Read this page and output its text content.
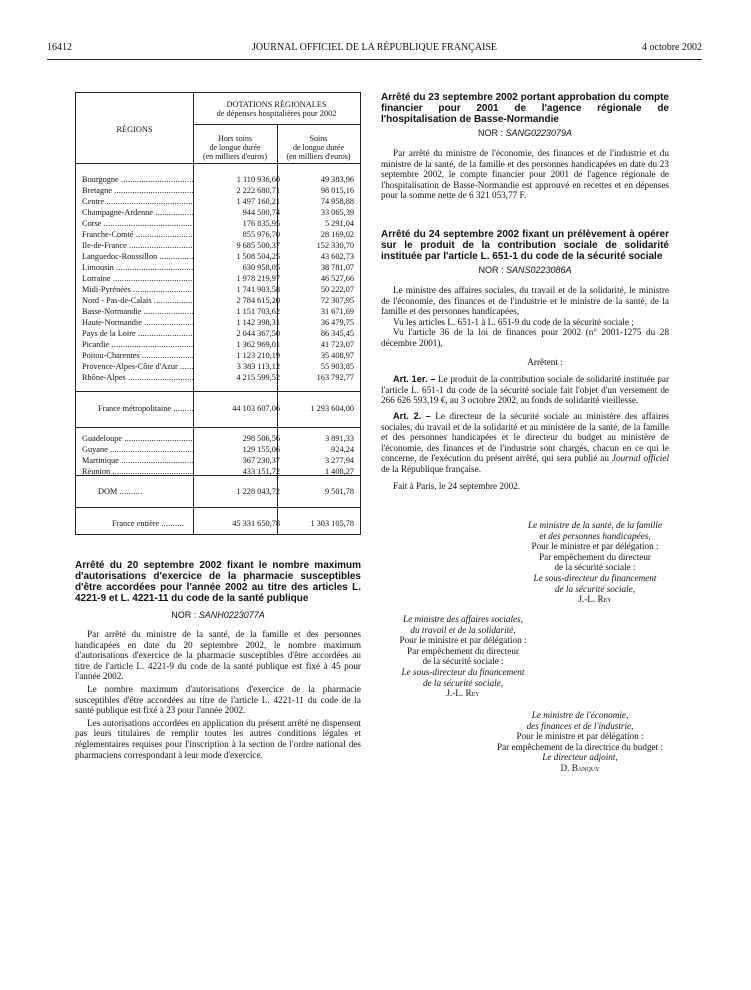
16412	JOURNAL OFFICIEL DE LA RÉPUBLIQUE FRANÇAISE	4 octobre 2002
RÉGIONS
DOTATIONS RÉGIONALES
de dépenses hospitalières pour 2002
Hors soins
de longue durée
(en milliers d'euros)
Soins
de longue durée
(en milliers d'euros)
Bourgogne .....	1 110 936,60	49 383,96
Bretagne .....	2 222 680,71	98 015,16
Centre .....	1 497 160,21	74 958,88
Champagne-Ardenne .....	944 500,74	33 065,39
Corse .....	176 835,95	5 291,04
Franche-Comté .....	855 976,70	28 169,02
Ile-de-France .....	9 685 500,37	152 330,70
Languedoc-Roussillon .....	1 508 504,25	43 602,73
Limousin .....	630 958,05	38 781,07
Lorraine .....	1 978 219,97	46 527,66
Midi-Pyrénées .....	1 741 903,58	50 222,07
Nord - Pas-de-Calais .....	2 784 615,20	72 307,95
Basse-Normandie .....	1 151 703,62	31 671,69
Haute-Normandie .....	1 142 398,31	36 479,75
Pays de la Loire .....	2 044 367,50	86 345,45
Picardie .....	1 362 969,01	41 723,07
Poitou-Charentes .....	1 123 210,19	35 408,97
Provence-Alpes-Côte d'Azur .....	3 383 113,12	55 903,85
Rhône-Alpes .....	4 215 599,52	163 792,77
France métropolitaine .....	44 103 607,06	1 293 604,00
Guadeloupe .....	298 506,56	3 891,33
Guyane .....	129 155,06	924,24
Martinique .....	367 230,37	3 277,94
Réunion .....	433 151,72	1 408,27
DOM .....	1 228 043,72	9 501,78
France entière .....	45 331 650,78	1 303 105,78
Arrêté du 20 septembre 2002 fixant le nombre maximum d'autorisations d'exercice de la pharmacie susceptibles d'être accordées pour l'année 2002 au titre des articles L. 4221-9 et L. 4221-11 du code de la santé publique
NOR : SANH0223077A

Par arrêté du ministre de la santé, de la famille et des personnes handicapées en date du 20 septembre 2002, le nombre maximum d'autorisations d'exercice de la pharmacie susceptibles d'être accordées au titre de l'article L. 4221-9 du code de la santé publique est fixé à 45 pour l'année 2002.

Le nombre maximum d'autorisations d'exercice de la pharmacie susceptibles d'être accordées au titre de l'article L. 4221-11 du code de la santé publique est fixé à 23 pour l'année 2002.

Les autorisations accordées en application du présent arrêté ne dispensent pas leurs titulaires de remplir toutes les autres conditions légales et réglementaires requises pour l'inscription à la section de l'ordre national des pharmaciens correspondant à leur mode d'exercice.

Arrêté du 23 septembre 2002 portant approbation du compte financier pour 2001 de l'agence régionale de l'hospitalisation de Basse-Normandie
NOR : SANG0223079A

Par arrêté du ministre de l'économie, des finances et de l'industrie et du ministre de la santé, de la famille et des personnes handicapées en date du 23 septembre 2002, le compte financier pour 2001 de l'agence régionale de l'hospitalisation de Basse-Normandie est approuvé en recettes et en dépenses pour la somme nette de 6 321 053,77 F.

Arrêté du 24 septembre 2002 fixant un prélèvement à opérer sur le produit de la contribution sociale de solidarité instituée par l'article L. 651-1 du code de la sécurité sociale
NOR : SANS0223086A

Le ministre des affaires sociales, du travail et de la solidarité, le ministre de l'économie, des finances et de l'industrie et le ministre de la santé, de la famille et des personnes handicapées,

Vu les articles L. 651-1 à L. 651-9 du code de la sécurité sociale ;

Vu l'article 36 de la loi de finances pour 2002 (n° 2001-1275 du 28 décembre 2001),

Arrêtent :

Art. 1er. – Le produit de la contribution sociale de solidarité instituée par l'article L. 651-1 du code de la sécurité sociale fait l'objet d'un versement de 266 626 593,19 €, au 3 octobre 2002, au fonds de solidarité vieillesse.

Art. 2. – Le directeur de la sécurité sociale au ministère des affaires sociales, du travail et de la solidarité et au ministère de la santé, de la famille et des personnes handicapées et le directeur du budget au ministère de l'économie, des finances et de l'industrie sont chargés, chacun en ce qui le concerne, de l'exécution du présent arrêté, qui sera publié au Journal officiel de la République française.

Fait à Paris, le 24 septembre 2002.

Le ministre de la santé, de la famille
et des personnes handicapées,
Pour le ministre et par délégation :
Par empêchement du directeur
de la sécurité sociale :
Le sous-directeur du financement
de la sécurité sociale,
J.-L. Rey
Le ministre des affaires sociales,
du travail et de la solidarité,
Pour le ministre et par délégation :
Par empêchement du directeur
de la sécurité sociale :
Le sous-directeur du financement
de la sécurité sociale,
J.-L. Rey
Le ministre de l'économie,
des finances et de l'industrie,
Pour le ministre et par délégation :
Par empêchement de la directrice du budget :
Le directeur adjoint,
D. Banquy
